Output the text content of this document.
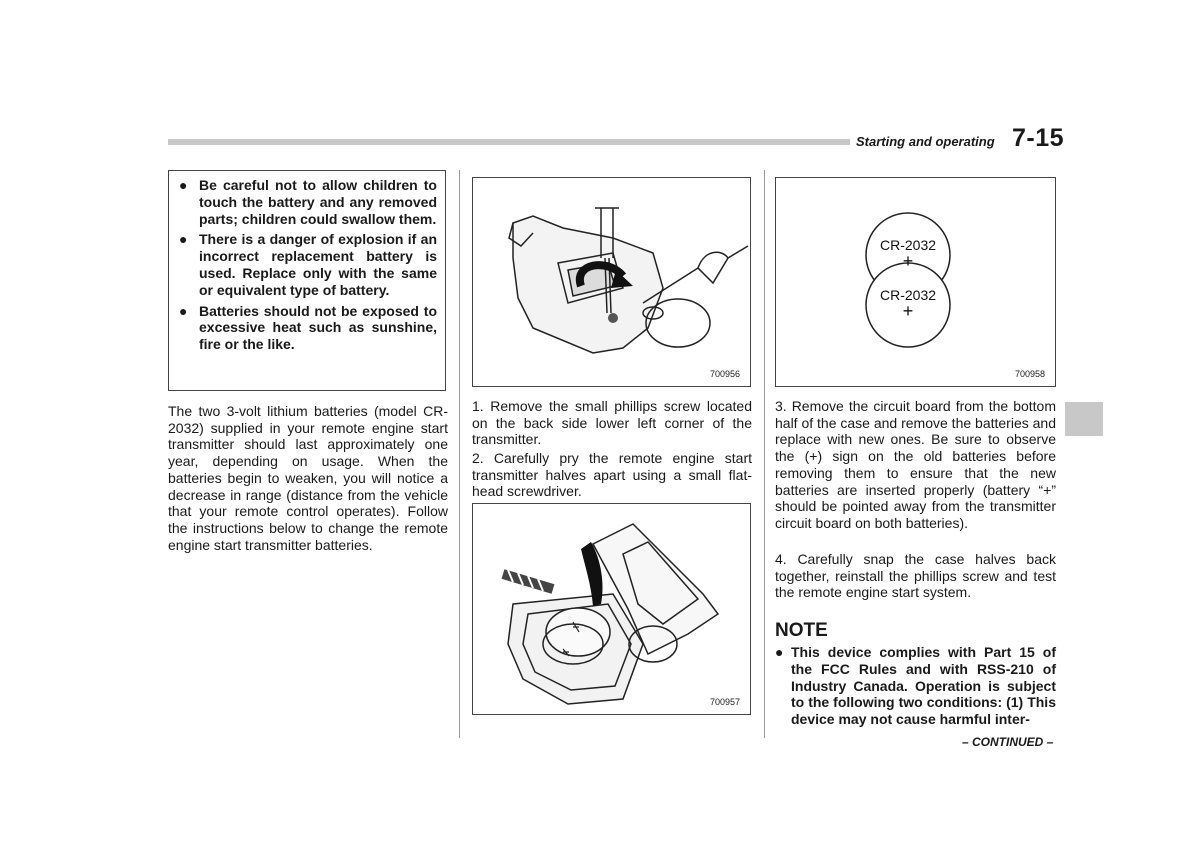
Starting and operating 7-15
● Be careful not to allow children to touch the battery and any removed parts; children could swallow them.
● There is a danger of explosion if an incorrect replacement battery is used. Replace only with the same or equivalent type of battery.
● Batteries should not be exposed to excessive heat such as sunshine, fire or the like.

The two 3-volt lithium batteries (model CR-2032) supplied in your remote engine start transmitter should last approximately one year, depending on usage. When the batteries begin to weaken, you will notice a decrease in range (distance from the vehicle that your remote control operates). Follow the instructions below to change the remote engine start transmitter batteries.

700956

1. Remove the small phillips screw located on the back side lower left corner of the transmitter.

2. Carefully pry the remote engine start transmitter halves apart using a small flat-head screwdriver.

700957
CR-2032
+
CR-2032
+
700958

3. Remove the circuit board from the bottom half of the case and remove the batteries and replace with new ones. Be sure to observe the (+) sign on the old batteries before removing them to ensure that the new batteries are inserted properly (battery “+” should be pointed away from the transmitter circuit board on both batteries).

4. Carefully snap the case halves back together, reinstall the phillips screw and test the remote engine start system.

NOTE
● This device complies with Part 15 of the FCC Rules and with RSS-210 of Industry Canada. Operation is subject to the following two conditions: (1) This device may not cause harmful inter-
– CONTINUED –
